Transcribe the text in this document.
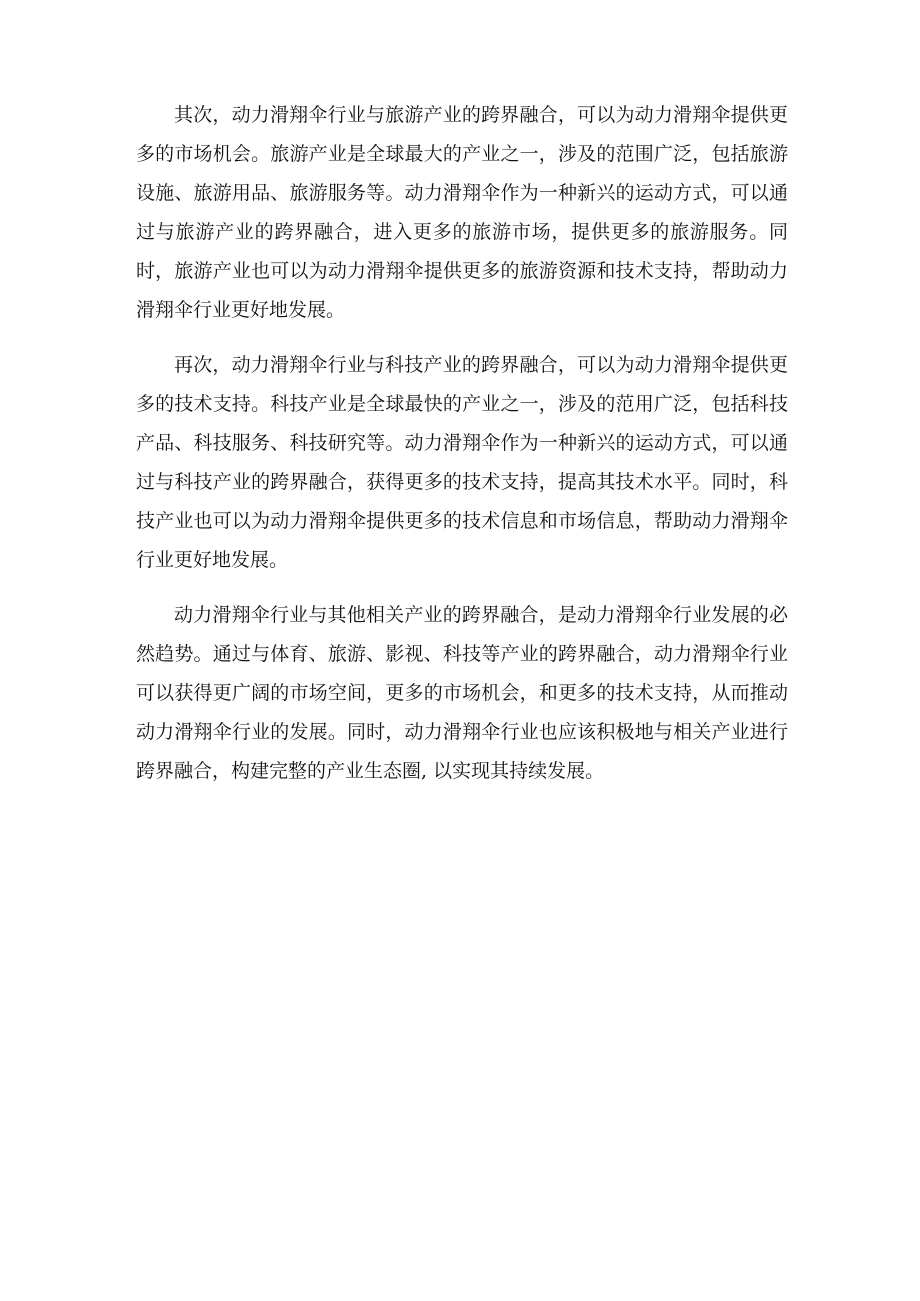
其次，动力滑翔伞行业与旅游产业的跨界融合，可以为动力滑翔伞提供更多的市场机会。旅游产业是全球最大的产业之一，涉及的范围广泛，包括旅游设施、旅游用品、旅游服务等。动力滑翔伞作为一种新兴的运动方式，可以通过与旅游产业的跨界融合，进入更多的旅游市场，提供更多的旅游服务。同时，旅游产业也可以为动力滑翔伞提供更多的旅游资源和技术支持，帮助动力滑翔伞行业更好地发展。

再次，动力滑翔伞行业与科技产业的跨界融合，可以为动力滑翔伞提供更多的技术支持。科技产业是全球最快的产业之一，涉及的范用广泛，包括科技产品、科技服务、科技研究等。动力滑翔伞作为一种新兴的运动方式，可以通过与科技产业的跨界融合，获得更多的技术支持，提高其技术水平。同时，科技产业也可以为动力滑翔伞提供更多的技术信息和市场信息，帮助动力滑翔伞行业更好地发展。

动力滑翔伞行业与其他相关产业的跨界融合，是动力滑翔伞行业发展的必然趋势。通过与体育、旅游、影视、科技等产业的跨界融合，动力滑翔伞行业可以获得更广阔的市场空间，更多的市场机会，和更多的技术支持，从而推动动力滑翔伞行业的发展。同时，动力滑翔伞行业也应该积极地与相关产业进行跨界融合，构建完整的产业生态圈, 以实现其持续发展。
